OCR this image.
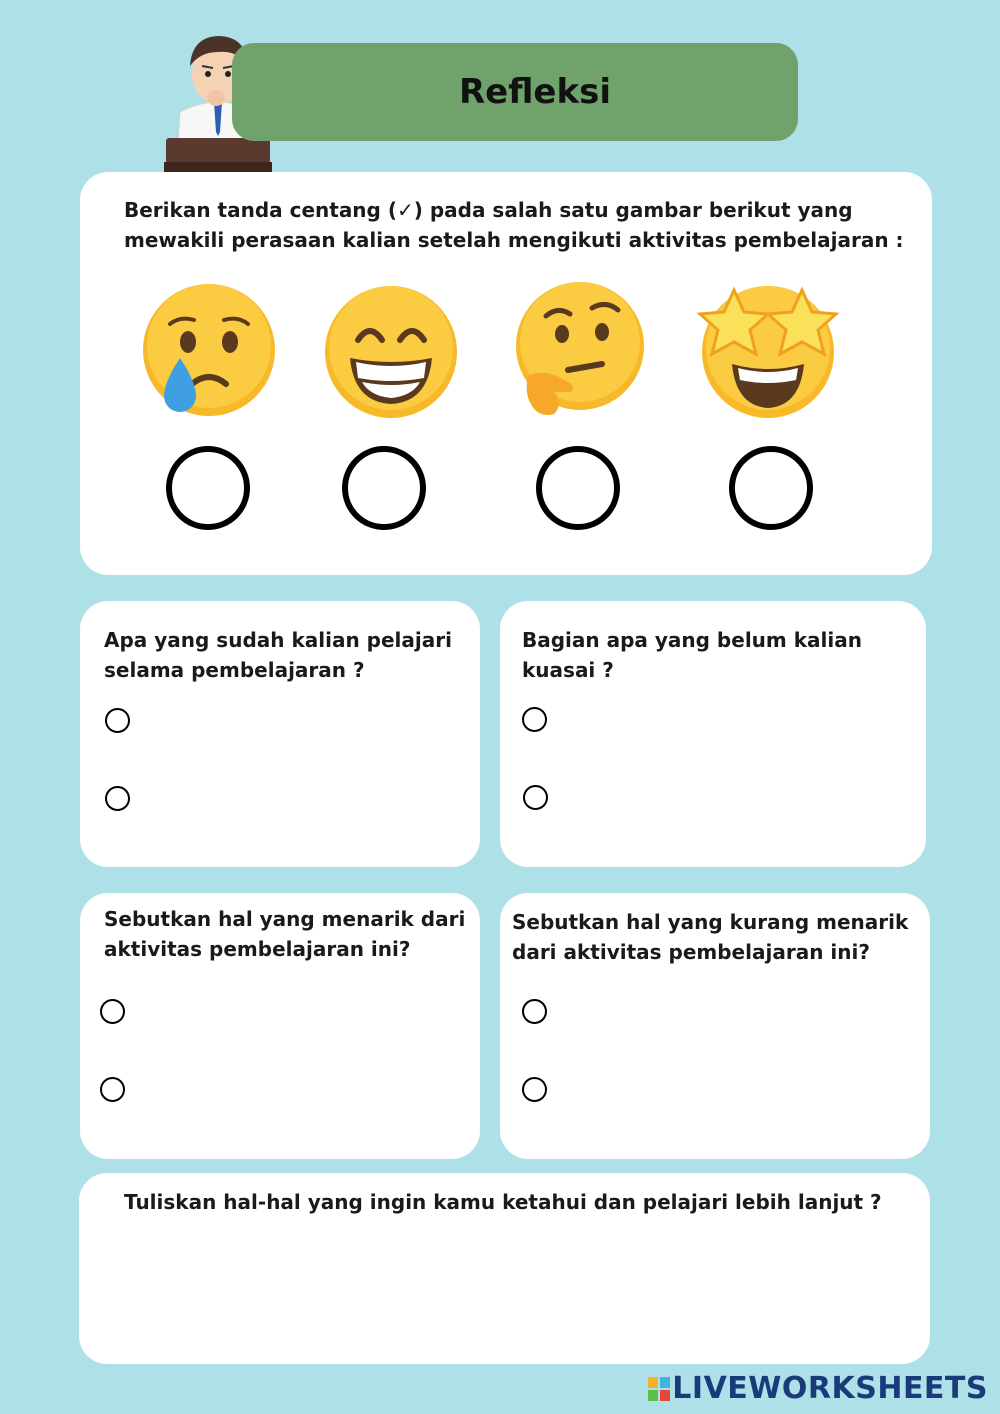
Refleksi
Berikan tanda centang (✓) pada salah satu gambar berikut yang
mewakili perasaan kalian setelah mengikuti aktivitas pembelajaran :
Apa yang sudah kalian pelajari
selama pembelajaran ?
Bagian apa yang belum kalian
kuasai ?
Sebutkan hal yang menarik dari
aktivitas pembelajaran ini?
Sebutkan hal yang kurang menarik
dari aktivitas pembelajaran ini?
Tuliskan hal-hal yang ingin kamu ketahui dan pelajari lebih lanjut ?
LIVEWORKSHEETS
